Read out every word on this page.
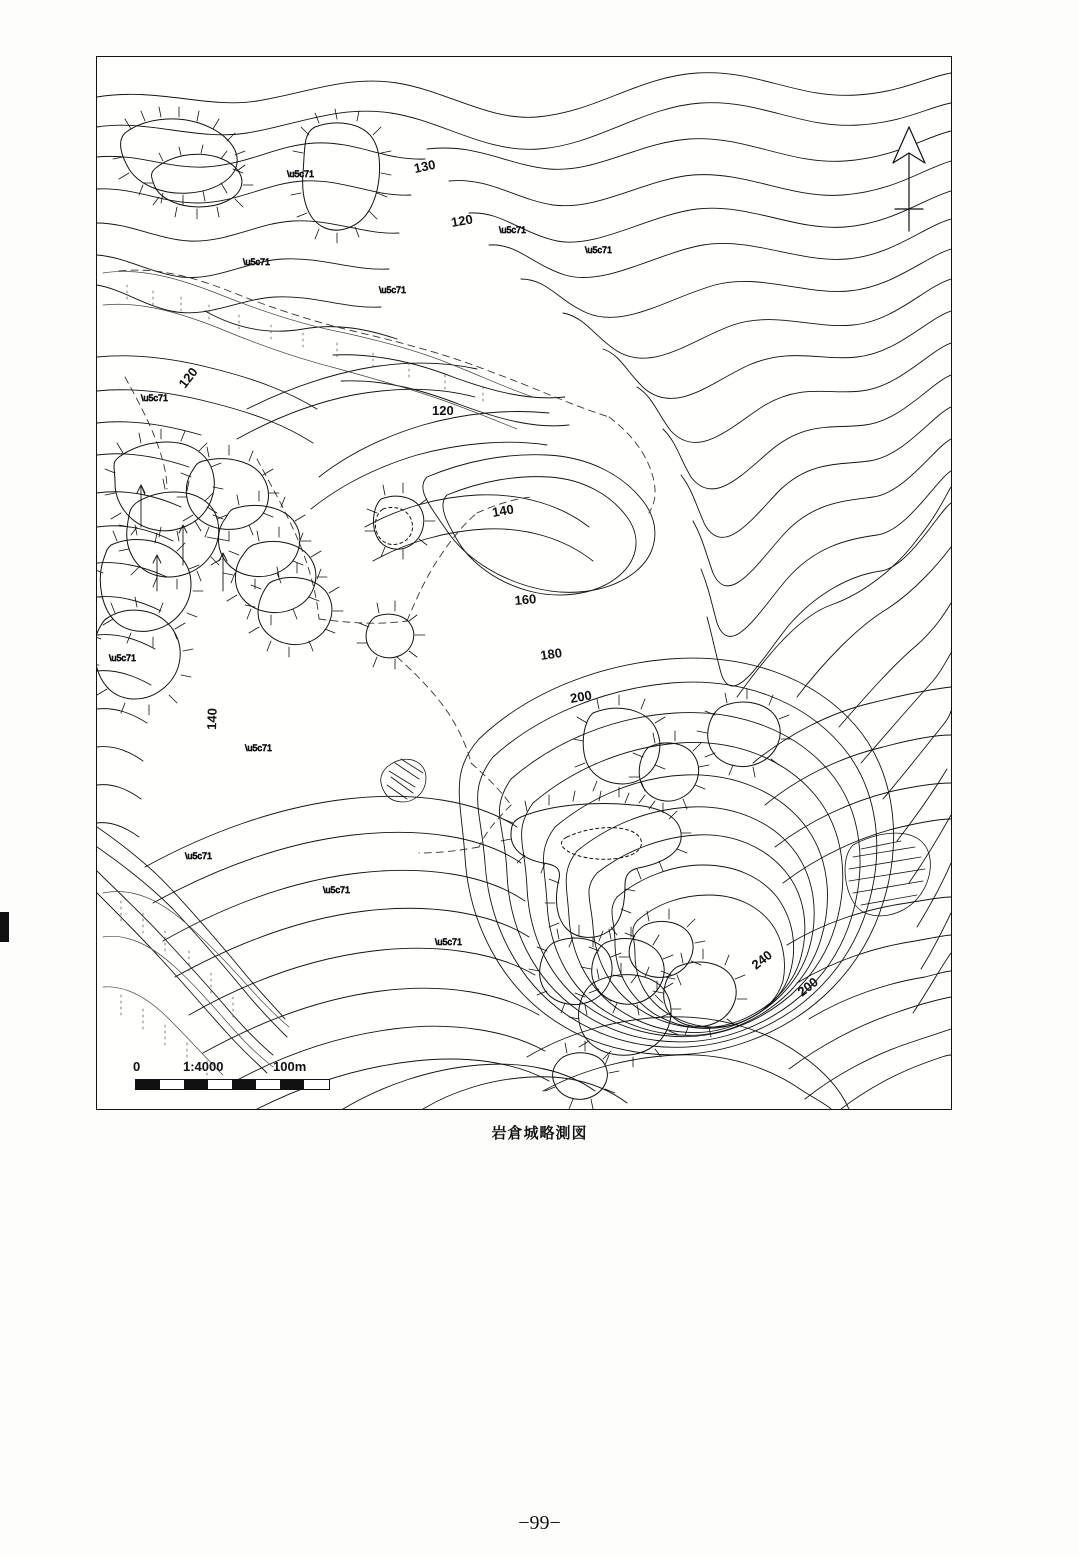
\u5c71
\u5c71
\u5c71
\u5c71
\u5c71
\u5c71
\u5c71
\u5c71
\u5c71
\u5c71
\u5c71
130
120
120
120
140
160
180
200
140
240
200
0	1:4000	100m
岩倉城略測図
−99−
